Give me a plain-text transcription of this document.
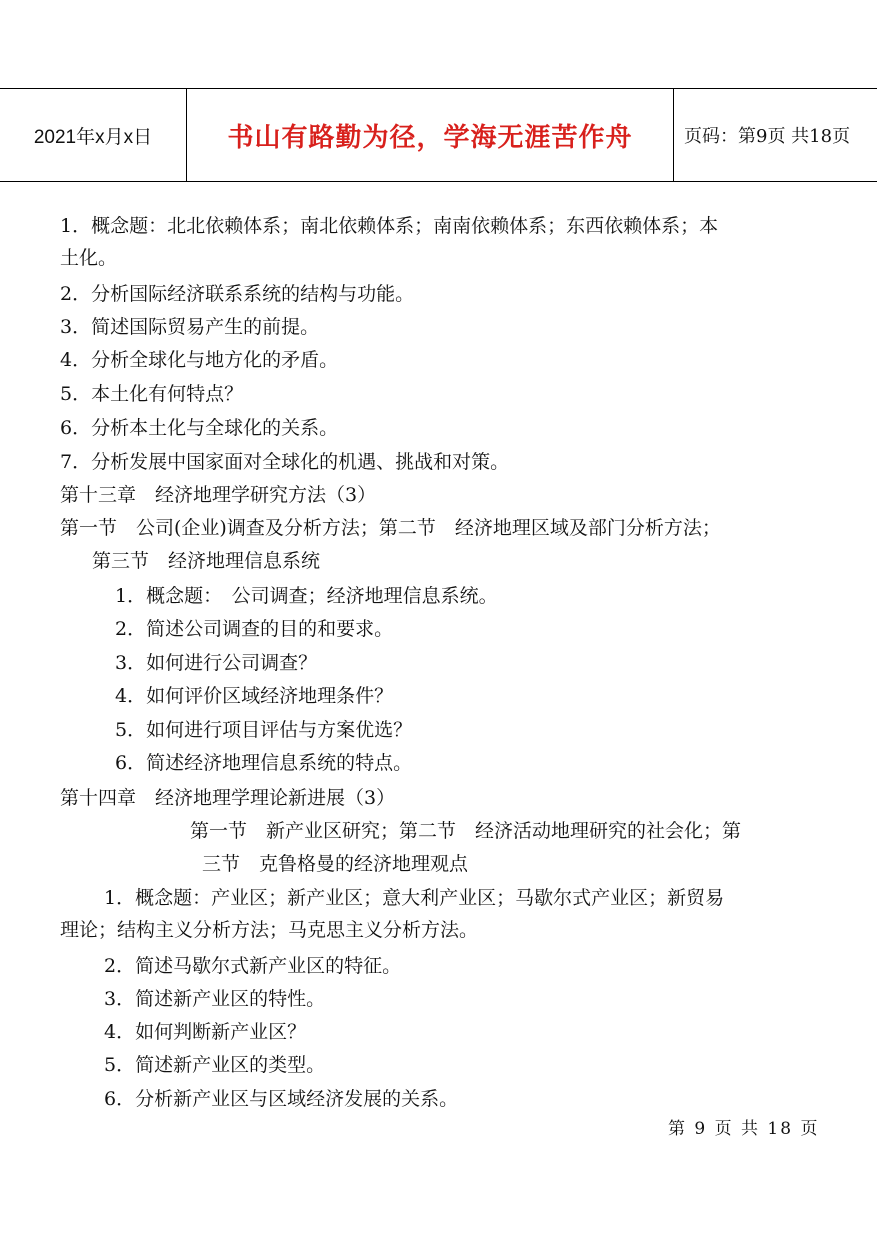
2021年x月x日	书山有路勤为径，学海无涯苦作舟	页码：第9页 共18页
1．概念题：北北依赖体系；南北依赖体系；南南依赖体系；东西依赖体系；本
土化。
2．分析国际经济联系系统的结构与功能。
3．简述国际贸易产生的前提。
4．分析全球化与地方化的矛盾。
5．本土化有何特点？
6．分析本土化与全球化的关系。
7．分析发展中国家面对全球化的机遇、挑战和对策。
第十三章　经济地理学研究方法（3）
第一节　公司(企业)调查及分析方法；第二节　经济地理区域及部门分析方法；
第三节　经济地理信息系统
1．概念题：　公司调查；经济地理信息系统。
2．简述公司调查的目的和要求。
3．如何进行公司调查？
4．如何评价区域经济地理条件？
5．如何进行项目评估与方案优选？
6．简述经济地理信息系统的特点。
第十四章　经济地理学理论新进展（3）
第一节　新产业区研究；第二节　经济活动地理研究的社会化；第
三节　克鲁格曼的经济地理观点
1．概念题：产业区；新产业区；意大利产业区；马歇尔式产业区；新贸易
理论；结构主义分析方法；马克思主义分析方法。
2．简述马歇尔式新产业区的特征。
3．简述新产业区的特性。
4．如何判断新产业区？
5．简述新产业区的类型。
6．分析新产业区与区域经济发展的关系。
第 9 页 共 18 页
